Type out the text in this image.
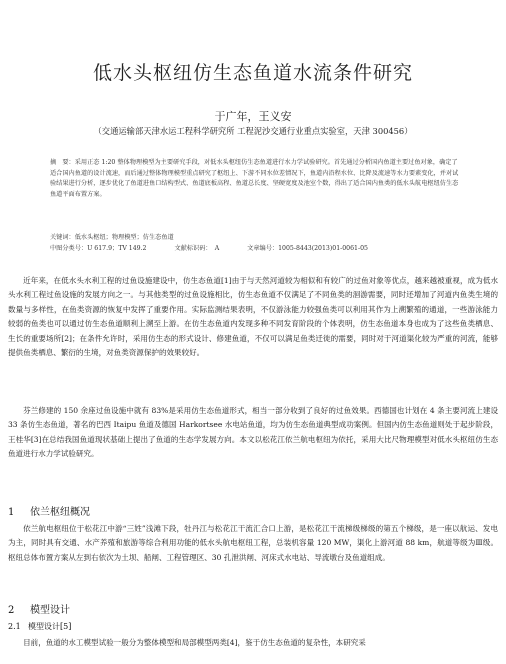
低水头枢纽仿生态鱼道水流条件研究
于广年，王义安
（交通运输部天津水运工程科学研究所 工程泥沙交通行业重点实验室，天津 300456）

摘　要：采用正态 1:20 整体物理模型为主要研究手段，对低水头枢纽仿生态鱼道进行水力学试验研究。首先通过分析国内鱼道主要过鱼对象，确定了适合国内鱼道的设计流速，而后通过整体物理模型重点研究了枢纽上、下游不同水位差情况下，鱼道内沿程水位、比降及流速等水力要素变化，并对试验结果进行分析，逐步优化了鱼道进鱼口结构型式、鱼道底板高程、鱼道总长度、坚硬宽度及池室个数，得出了适合国内鱼类的低水头航电枢纽仿生态鱼道平面布置方案。

关键词：低水头枢纽；物理模型；仿生态鱼道

中图分类号：U 617.9；TV 149.2	文献标识码：　A	文章编号：1005-8443(2013)01-0061-05

近年来，在低水头水利工程的过鱼设施建设中，仿生态鱼道[1]由于与天然河道较为相似和有较广的过鱼对象等优点，越来越被重视，成为低水头水利工程过鱼设施的发展方向之一。与其他类型的过鱼设施相比，仿生态鱼道不仅满足了不同鱼类的洄游需要，同时还增加了河道内鱼类生境的数量与多样性，在鱼类资源的恢复中发挥了重要作用。实际监测结果表明，不仅游泳能力较强鱼类可以利用其作为上溯繁殖的通道，一些游泳能力较弱的鱼类也可以通过仿生态鱼道顺利上溯至上游。在仿生态鱼道内发现多种不同发育阶段的个体表明，仿生态鱼道本身也成为了这些鱼类栖息、生长的重要场所[2]；在条件允许时，采用仿生态的形式设计、修建鱼道，不仅可以满足鱼类迁徙的需要，同时对于河道渠化较为严重的河流，能够提供鱼类栖息、繁衍的生境，对鱼类资源保护的效果较好。

芬兰修建的 150 余座过鱼设施中就有 83%是采用仿生态鱼道形式，相当一部分收到了良好的过鱼效果。西德国也计划在 4 条主要河流上建设 33 条仿生态鱼道，著名的巴西 Itaipu 鱼道及德国 Harkortsee 水电站鱼道，均为仿生态鱼道典型成功案例。但国内仿生态鱼道则处于起步阶段，王桂华[3]在总结我国鱼道现状基础上提出了鱼道的生态学发展方向。本文以松花江依兰航电枢纽为依托，采用大比尺物理模型对低水头枢纽仿生态鱼道进行水力学试验研究。

1 依兰枢纽概况

依兰航电枢纽位于松花江中游“三姓”浅滩下段，牡丹江与松花江干流汇合口上游，是松花江干流梯级梯级的第五个梯级，是一座以航运、发电为主，同时具有交通、水产养殖和旅游等综合利用功能的低水头航电枢纽工程，总装机容量 120 MW，渠化上游河道 88 km，航道等级为Ⅲ级。枢纽总体布置方案从左到右依次为土坝、船闸、工程管理区、30 孔泄洪闸、河床式水电站、导流墩台及鱼道组成。

2 模型设计
2.1 模型设计[5]

目前，鱼道的水工模型试验一般分为整体模型和局部模型两类[4]，鉴于仿生态鱼道的复杂性，本研究采
